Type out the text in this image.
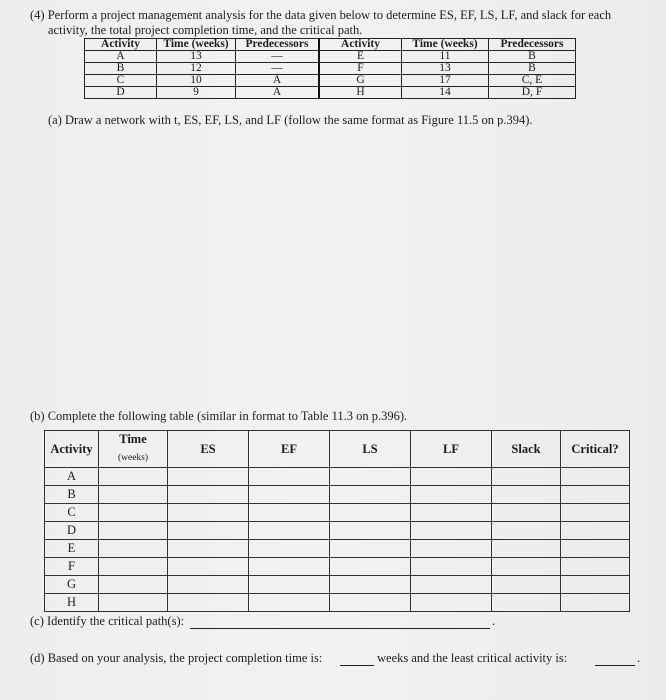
(4) Perform a project management analysis for the data given below to determine ES, EF, LS, LF, and slack for each
activity, the total project completion time, and the critical path.
Activity	Time (weeks)	Predecessors	Activity	Time (weeks)	Predecessors
A	13	—	E	11	B
B	12	—	F	13	B
C	10	A	G	17	C, E
D	9	A	H	14	D, F
(a) Draw a network with t, ES, EF, LS, and LF (follow the same format as Figure 11.5 on p.394).
(b) Complete the following table (similar in format to Table 11.3 on p.396).
Activity	Time (weeks)	ES	EF	LS	LF	Slack	Critical?
A							
B							
C							
D							
E							
F							
G							
H							
(c) Identify the critical path(s):	.
(d) Based on your analysis, the project completion time is:	weeks and the least critical activity is:	.
